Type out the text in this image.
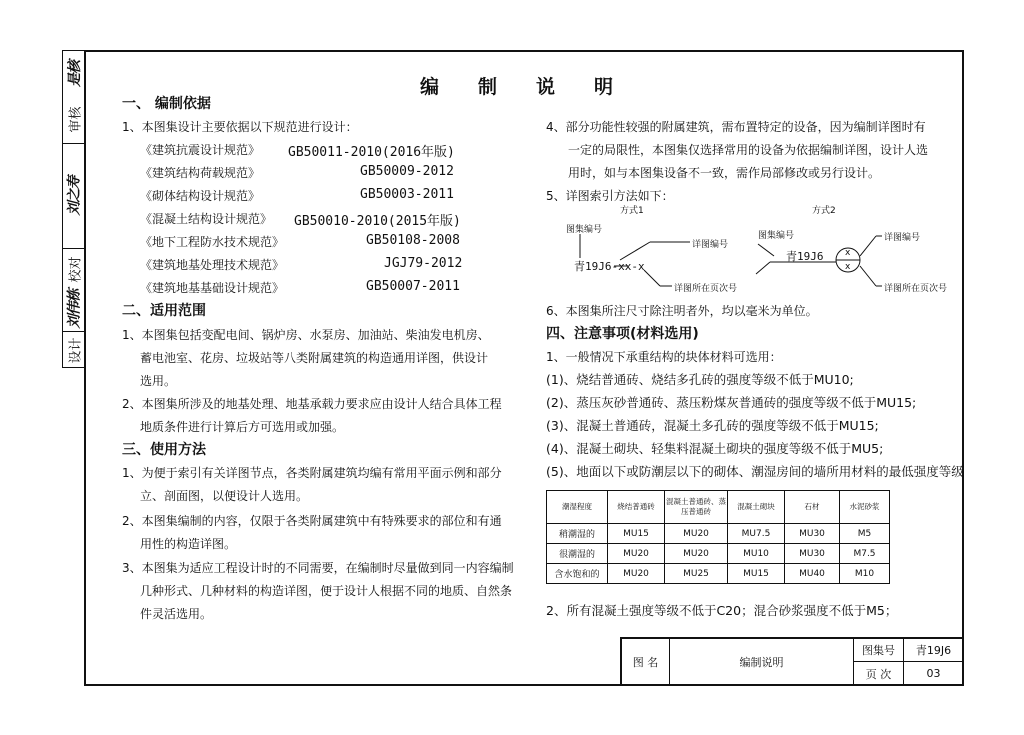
是核
审核
刘之寿
校对
刘伟栋
设计
编 制 说 明
一、 编制依据
1、本图集设计主要依据以下规范进行设计：
《建筑抗震设计规范》 GB50011-2010(2016年版)
《建筑结构荷载规范》	GB50009-2012
《砌体结构设计规范》	GB50003-2011
《混凝土结构设计规范》 GB50010-2010(2015年版)
《地下工程防水技术规范》	GB50108-2008
《建筑地基处理技术规范》	JGJ79-2012
《建筑地基基础设计规范》	GB50007-2011
二、适用范围
1、本图集包括变配电间、锅炉房、水泵房、加油站、柴油发电机房、
蓄电池室、花房、垃圾站等八类附属建筑的构造通用详图，供设计
选用。
2、本图集所涉及的地基处理、地基承载力要求应由设计人结合具体工程
地质条件进行计算后方可选用或加强。
三、使用方法
1、为便于索引有关详图节点，各类附属建筑均编有常用平面示例和部分
立、剖面图，以便设计人选用。
2、本图集编制的内容，仅限于各类附属建筑中有特殊要求的部位和有通
用性的构造详图。
3、本图集为适应工程设计时的不同需要，在编制时尽量做到同一内容编制
几种形式、几种材料的构造详图，便于设计人根据不同的地质、自然条
件灵活选用。
4、部分功能性较强的附属建筑，需布置特定的设备，因为编制详图时有
一定的局限性，本图集仅选择常用的设备为依据编制详图，设计人选
用时，如与本图集设备不一致，需作局部修改或另行设计。
5、详图索引方法如下：
方式1	方式2
图集编号
详图编号
青19J6-xx-x
详图所在页次号
图集编号
青19J6 x
x
详图编号
详图所在页次号
6、本图集所注尺寸除注明者外，均以毫米为单位。
四、注意事项(材料选用)
1、一般情况下承重结构的块体材料可选用：
(1)、烧结普通砖、烧结多孔砖的强度等级不低于MU10;
(2)、蒸压灰砂普通砖、蒸压粉煤灰普通砖的强度等级不低于MU15;
(3)、混凝土普通砖，混凝土多孔砖的强度等级不低于MU15;
(4)、混凝土砌块、轻集料混凝土砌块的强度等级不低于MU5;
(5)、地面以下或防潮层以下的砌体、潮湿房间的墙所用材料的最低强度等级
潮湿程度	烧结普通砖	混凝土普通砖、蒸压普通砖	混凝土砌块	石材	水泥砂浆
稍潮湿的	MU15	MU20	MU7.5	MU30	M5
很潮湿的	MU20	MU20	MU10	MU30	M7.5
含水饱和的	MU20	MU25	MU15	MU40	M10
2、所有混凝土强度等级不低于C20；混合砂浆强度不低于M5；
图 名	编制说明
图集号	青19J6
页 次	03
